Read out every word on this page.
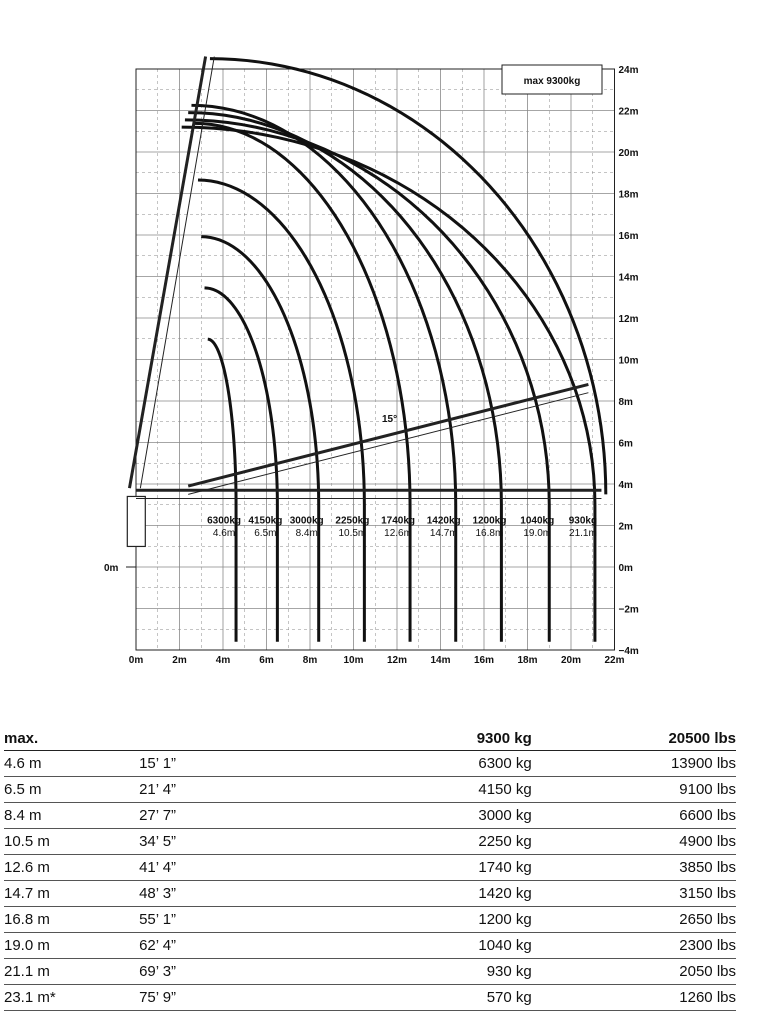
6300kg
4.6m
4150kg
6.5m
3000kg
8.4m
2250kg
10.5m
1740kg
12.6m
1420kg
14.7m
1200kg
16.8m
1040kg
19.0m
930kg
21.1m
0m	2m	4m	6m	8m	10m 12m 14m 16m 18m 20m 22m
24m
22m
20m
18m
16m
14m
12m
10m
8m
6m
4m
2m
0m
−2m
−4m
0m
max 9300kg
15°
max.			9300 kg	20500 lbs
4.6 m	15’ 1”		6300 kg	13900 lbs
6.5 m	21’ 4”		4150 kg	9100 lbs
8.4 m	27’ 7”		3000 kg	6600 lbs
10.5 m	34’ 5”		2250 kg	4900 lbs
12.6 m	41’ 4”		1740 kg	3850 lbs
14.7 m	48’ 3”		1420 kg	3150 lbs
16.8 m	55’ 1”		1200 kg	2650 lbs
19.0 m	62’ 4”		1040 kg	2300 lbs
21.1 m	69’ 3”		930 kg	2050 lbs
23.1 m*	75’ 9”		570 kg	1260 lbs
